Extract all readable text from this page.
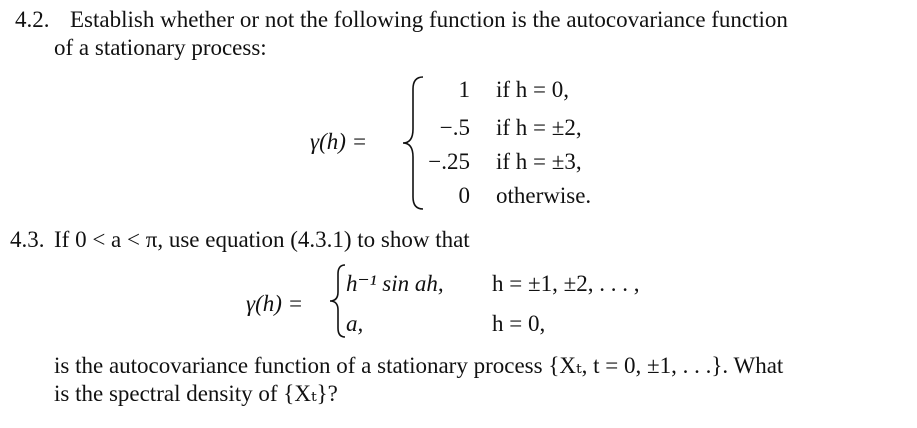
4.2. Establish whether or not the following function is the autocovariance function
of a stationary process:
γ(h) =
1
−.5
−.25
0
if h = 0,
if h = ±2,
if h = ±3,
otherwise.
4.3. If 0 < a < π, use equation (4.3.1) to show that
γ(h) =
h⁻¹ sin ah,
a,
h = ±1, ±2, . . . ,
h = 0,
is the autocovariance function of a stationary process {Xₜ, t = 0, ±1, . . .}. What
is the spectral density of {Xₜ}?
